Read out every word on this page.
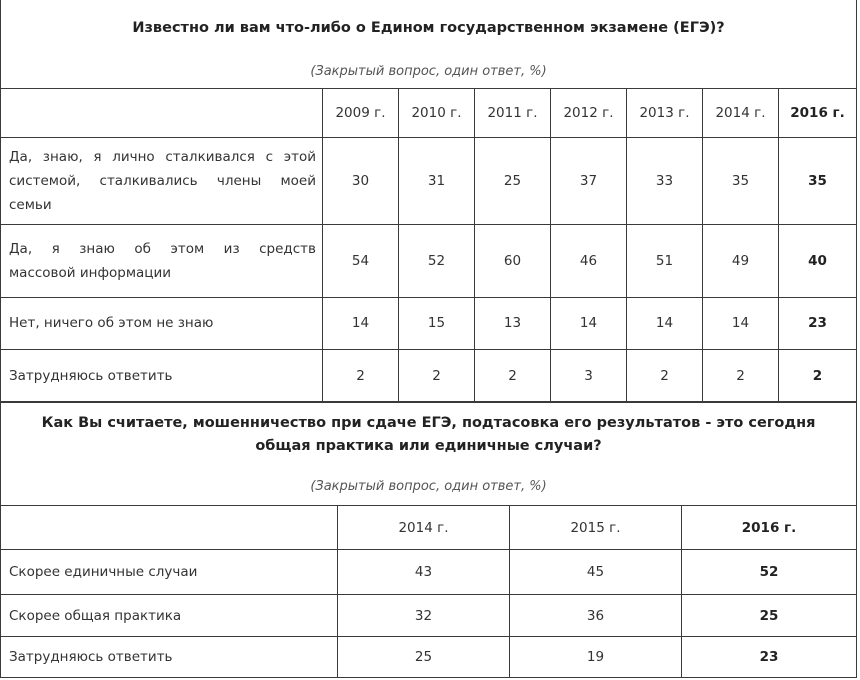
Известно ли вам что-либо о Едином государственном экзамене (ЕГЭ)?							
(Закрытый вопрос, один ответ, %)							
	2009 г.	2010 г.	2011 г.	2012 г.	2013 г.	2014 г.	2016 г.

Да, знаю, я лично сталкивался с этой
системой, сталкивались члены моей
семьи	30	31	25	37	33	35	35

Да, я знаю об этом из средств
массовой информации	54	52	60	46	51	49	40
Нет, ничего об этом не знаю	14	15	13	14	14	14	23
Затрудняюсь ответить	2	2	2	3	2	2	2
Как Вы считаете, мошенничество при сдаче ЕГЭ, подтасовка его результатов - это сегодня
общая практика или единичные случаи?			

(Закрытый вопрос, один ответ, %)			
	2014 г.	2015 г.	2016 г.
Скорее единичные случаи	43	45	52
Скорее общая практика	32	36	25
Затрудняюсь ответить	25	19	23
